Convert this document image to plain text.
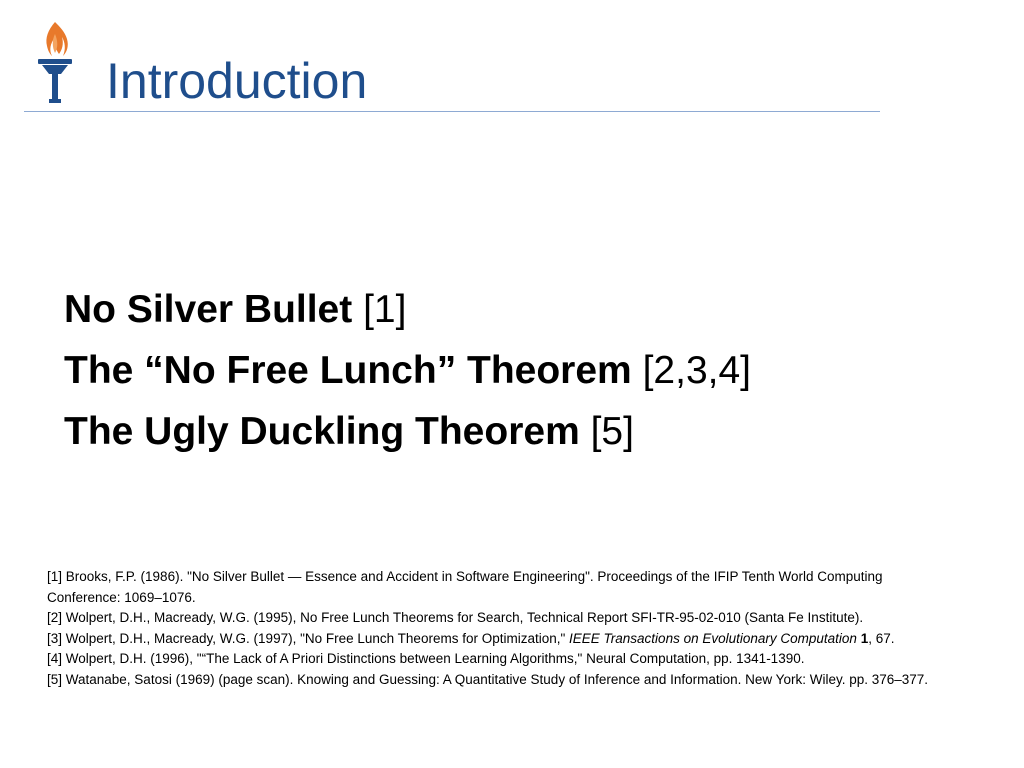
Introduction
No Silver Bullet [1]
The “No Free Lunch” Theorem [2,3,4]
The Ugly Duckling Theorem [5]

[1] Brooks, F.P. (1986). "No Silver Bullet — Essence and Accident in Software Engineering". Proceedings of the IFIP Tenth World Computing Conference: 1069–1076.

[2] Wolpert, D.H., Macready, W.G. (1995), No Free Lunch Theorems for Search, Technical Report SFI-TR-95-02-010 (Santa Fe Institute).

[3] Wolpert, D.H., Macready, W.G. (1997), "No Free Lunch Theorems for Optimization," IEEE Transactions on Evolutionary Computation 1, 67.

[4] Wolpert, D.H. (1996), "“The Lack of A Priori Distinctions between Learning Algorithms," Neural Computation, pp. 1341-1390.

[5] Watanabe, Satosi (1969) (page scan). Knowing and Guessing: A Quantitative Study of Inference and Information. New York: Wiley. pp. 376–377.
